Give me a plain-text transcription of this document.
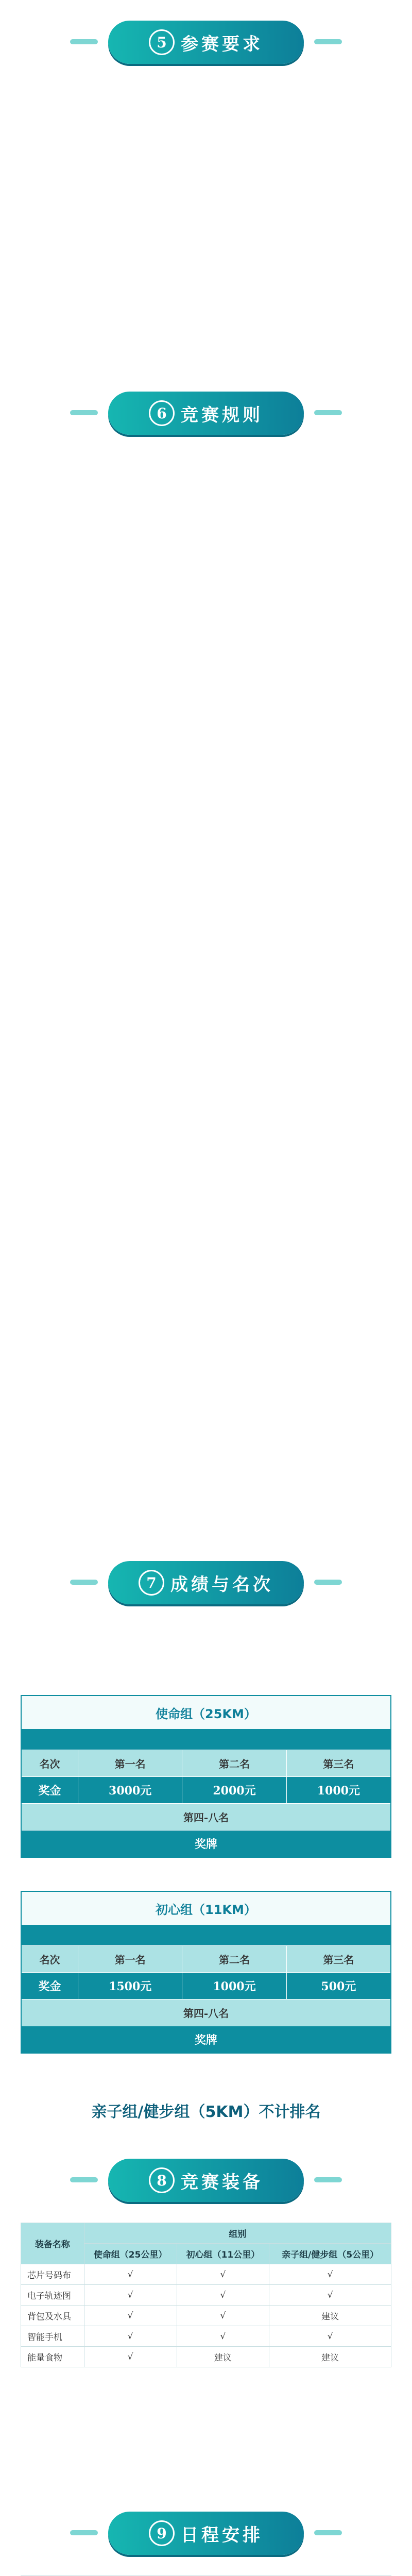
5 参赛要求

6 竞赛规则

7 成绩与名次

使命组（25KM）
名次	第一名	第二名	第三名
奖金	3000元	2000元	1000元
第四-八名
奖牌
初心组（11KM）
名次	第一名	第二名	第三名
奖金	1500元	1000元	500元
第四-八名
奖牌
亲子组/健步组（5KM）不计排名
8 竞赛装备
装备名称	组别		
	使命组（25公里）	初心组（11公里）	亲子组/健步组（5公里）
芯片号码布	√	√	√
电子轨迹图	√	√	√
背包及水具	√	√	建议
智能手机	√	√	√
能量食物	√	建议	建议

9 日程安排
